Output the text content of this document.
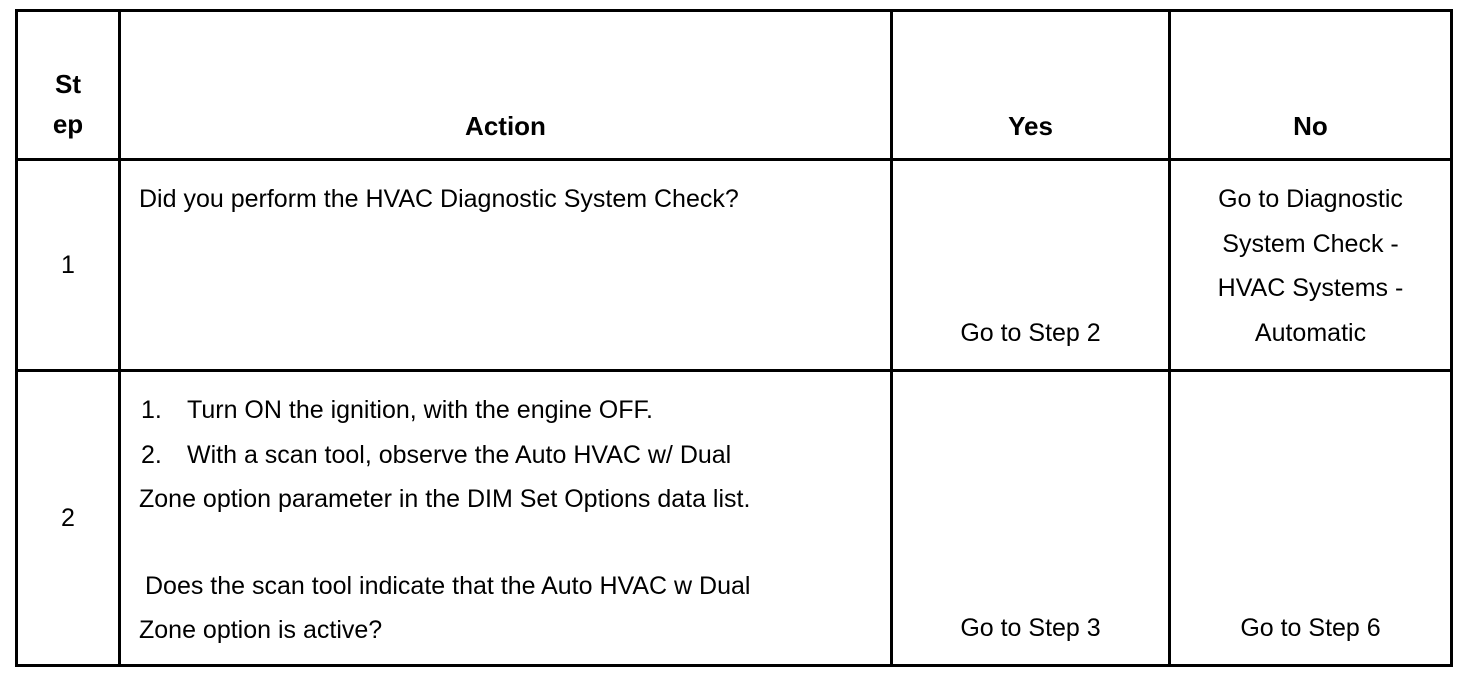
St
ep	Action	Yes	No
1	Did you perform the HVAC Diagnostic System Check?	Go to Step 2	Go to Diagnostic
System Check -
HVAC Systems -
Automatic

2	1. Turn ON the ignition, with the engine OFF.
2. With a scan tool, observe the Auto HVAC w/ Dual
Zone option parameter in the DIM Set Options data list.
Does the scan tool indicate that the Auto HVAC w Dual
Zone option is active?	Go to Step 3	Go to Step 6
